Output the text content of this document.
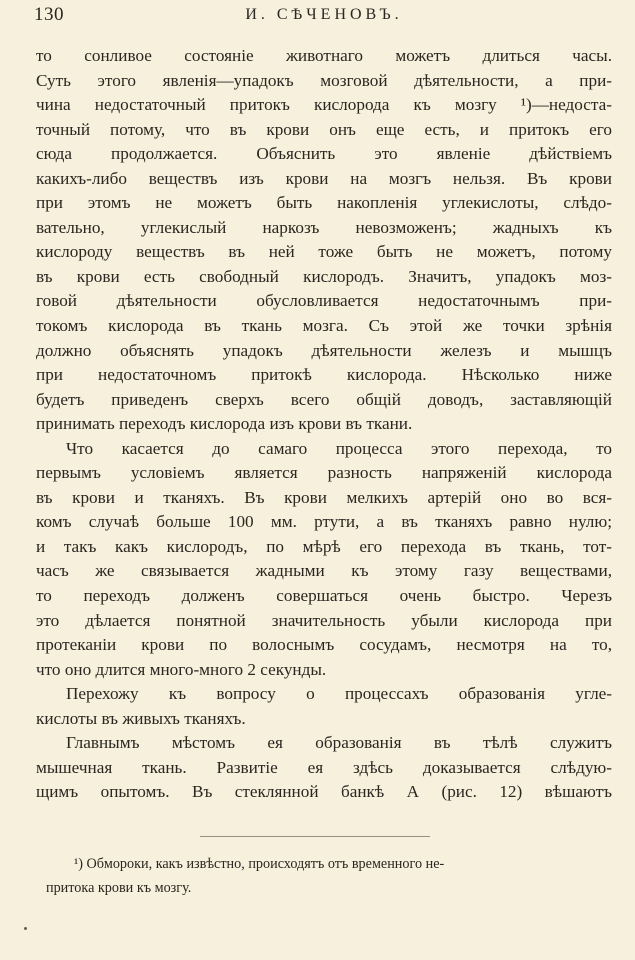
130	И. СѢЧЕНОВЪ.
то сонливое состояніе животнаго можетъ длиться часы.
Суть этого явленія—упадокъ мозговой дѣятельности, а при-
чина недостаточный притокъ кислорода къ мозгу ¹)—недоста-
точный потому, что въ крови онъ еще есть, и притокъ его
сюда продолжается. Объяснить это явленіе дѣйствіемъ
какихъ-либо веществъ изъ крови на мозгъ нельзя. Въ крови
при этомъ не можетъ быть накопленія углекислоты, слѣдо-
вательно, углекислый наркозъ невозможенъ; жадныхъ къ
кислороду веществъ въ ней тоже быть не можетъ, потому
въ крови есть свободный кислородъ. Значитъ, упадокъ моз-
говой дѣятельности обусловливается недостаточнымъ при-
токомъ кислорода въ ткань мозга. Съ этой же точки зрѣнія
должно объяснять упадокъ дѣятельности железъ и мышцъ
при недостаточномъ притокѣ кислорода. Нѣсколько ниже
будетъ приведенъ сверхъ всего общій доводъ, заставляющій
принимать переходъ кислорода изъ крови въ ткани.
Что касается до самаго процесса этого перехода, то
первымъ условіемъ является разность напряженій кислорода
въ крови и тканяхъ. Въ крови мелкихъ артерій оно во вся-
комъ случаѣ больше 100 мм. ртути, а въ тканяхъ равно нулю;
и такъ какъ кислородъ, по мѣрѣ его перехода въ ткань, тот-
часъ же связывается жадными къ этому газу веществами,
то переходъ долженъ совершаться очень быстро. Черезъ
это дѣлается понятной значительность убыли кислорода при
протеканіи крови по волоснымъ сосудамъ, несмотря на то,
что оно длится много-много 2 секунды.
Перехожу къ вопросу о процессахъ образованія угле-
кислоты въ живыхъ тканяхъ.
Главнымъ мѣстомъ ея образованія въ тѣлѣ служитъ
мышечная ткань. Развитіе ея здѣсь доказывается слѣдую-
щимъ опытомъ. Въ стеклянной банкѣ А (рис. 12) вѣшаютъ
¹) Обмороки, какъ извѣстно, происходятъ отъ временного не-
притока крови къ мозгу.
